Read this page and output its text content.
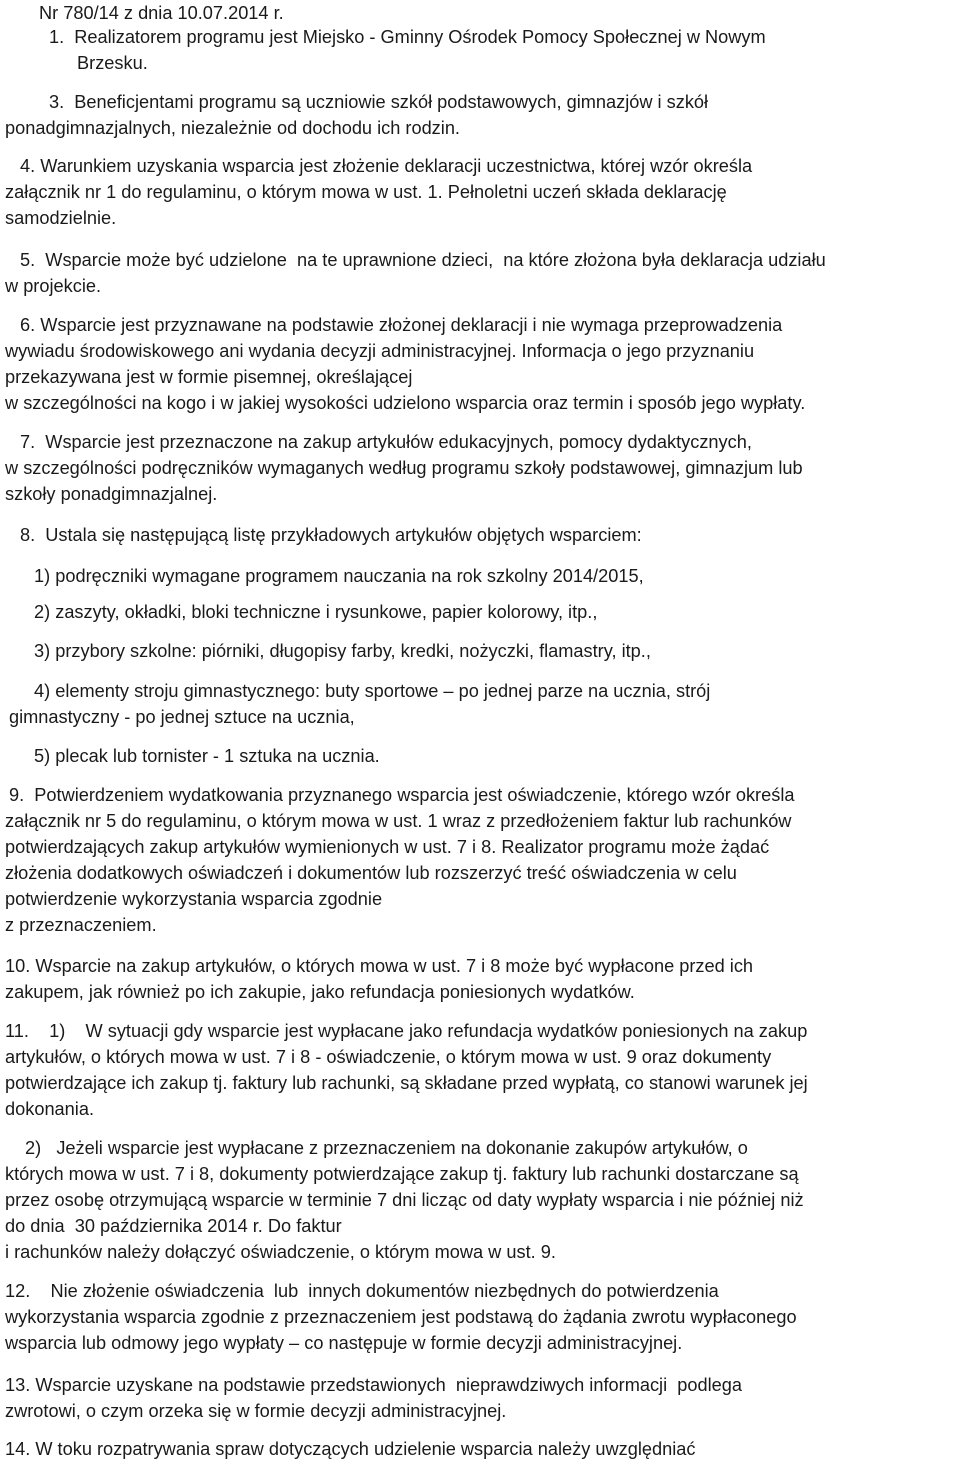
Nr 780/14 z dnia 10.07.2014 r.
1.  Realizatorem programu jest Miejsko - Gminny Ośrodek Pomocy Społecznej w Nowym
Brzesku.
3.  Beneficjentami programu są uczniowie szkół podstawowych, gimnazjów i szkół
ponadgimnazjalnych, niezależnie od dochodu ich rodzin.
4. Warunkiem uzyskania wsparcia jest złożenie deklaracji uczestnictwa, której wzór określa
załącznik nr 1 do regulaminu, o którym mowa w ust. 1. Pełnoletni uczeń składa deklarację
samodzielnie.
5.  Wsparcie może być udzielone  na te uprawnione dzieci,  na które złożona była deklaracja udziału
w projekcie.
6. Wsparcie jest przyznawane na podstawie złożonej deklaracji i nie wymaga przeprowadzenia
wywiadu środowiskowego ani wydania decyzji administracyjnej. Informacja o jego przyznaniu
przekazywana jest w formie pisemnej, określającej
w szczególności na kogo i w jakiej wysokości udzielono wsparcia oraz termin i sposób jego wypłaty.
7.  Wsparcie jest przeznaczone na zakup artykułów edukacyjnych, pomocy dydaktycznych,
w szczególności podręczników wymaganych według programu szkoły podstawowej, gimnazjum lub
szkoły ponadgimnazjalnej.
8.  Ustala się następującą listę przykładowych artykułów objętych wsparciem:
1) podręczniki wymagane programem nauczania na rok szkolny 2014/2015,
2) zaszyty, okładki, bloki techniczne i rysunkowe, papier kolorowy, itp.,
3) przybory szkolne: piórniki, długopisy farby, kredki, nożyczki, flamastry, itp.,
4) elementy stroju gimnastycznego: buty sportowe – po jednej parze na ucznia, strój
gimnastyczny - po jednej sztuce na ucznia,
5) plecak lub tornister - 1 sztuka na ucznia.
9.  Potwierdzeniem wydatkowania przyznanego wsparcia jest oświadczenie, którego wzór określa
załącznik nr 5 do regulaminu, o którym mowa w ust. 1 wraz z przedłożeniem faktur lub rachunków
potwierdzających zakup artykułów wymienionych w ust. 7 i 8. Realizator programu może żądać
złożenia dodatkowych oświadczeń i dokumentów lub rozszerzyć treść oświadczenia w celu
potwierdzenie wykorzystania wsparcia zgodnie
z przeznaczeniem.
10. Wsparcie na zakup artykułów, o których mowa w ust. 7 i 8 może być wypłacone przed ich
zakupem, jak również po ich zakupie, jako refundacja poniesionych wydatków.
11.    1)    W sytuacji gdy wsparcie jest wypłacane jako refundacja wydatków poniesionych na zakup
artykułów, o których mowa w ust. 7 i 8 - oświadczenie, o którym mowa w ust. 9 oraz dokumenty
potwierdzające ich zakup tj. faktury lub rachunki, są składane przed wypłatą, co stanowi warunek jej
dokonania.
2)   Jeżeli wsparcie jest wypłacane z przeznaczeniem na dokonanie zakupów artykułów, o
których mowa w ust. 7 i 8, dokumenty potwierdzające zakup tj. faktury lub rachunki dostarczane są
przez osobę otrzymującą wsparcie w terminie 7 dni licząc od daty wypłaty wsparcia i nie później niż
do dnia  30 października 2014 r. Do faktur
i rachunków należy dołączyć oświadczenie, o którym mowa w ust. 9.
12.    Nie złożenie oświadczenia  lub  innych dokumentów niezbędnych do potwierdzenia
wykorzystania wsparcia zgodnie z przeznaczeniem jest podstawą do żądania zwrotu wypłaconego
wsparcia lub odmowy jego wypłaty – co następuje w formie decyzji administracyjnej.
13. Wsparcie uzyskane na podstawie przedstawionych  nieprawdziwych informacji  podlega
zwrotowi, o czym orzeka się w formie decyzji administracyjnej.
14. W toku rozpatrywania spraw dotyczących udzielenie wsparcia należy uwzględniać
